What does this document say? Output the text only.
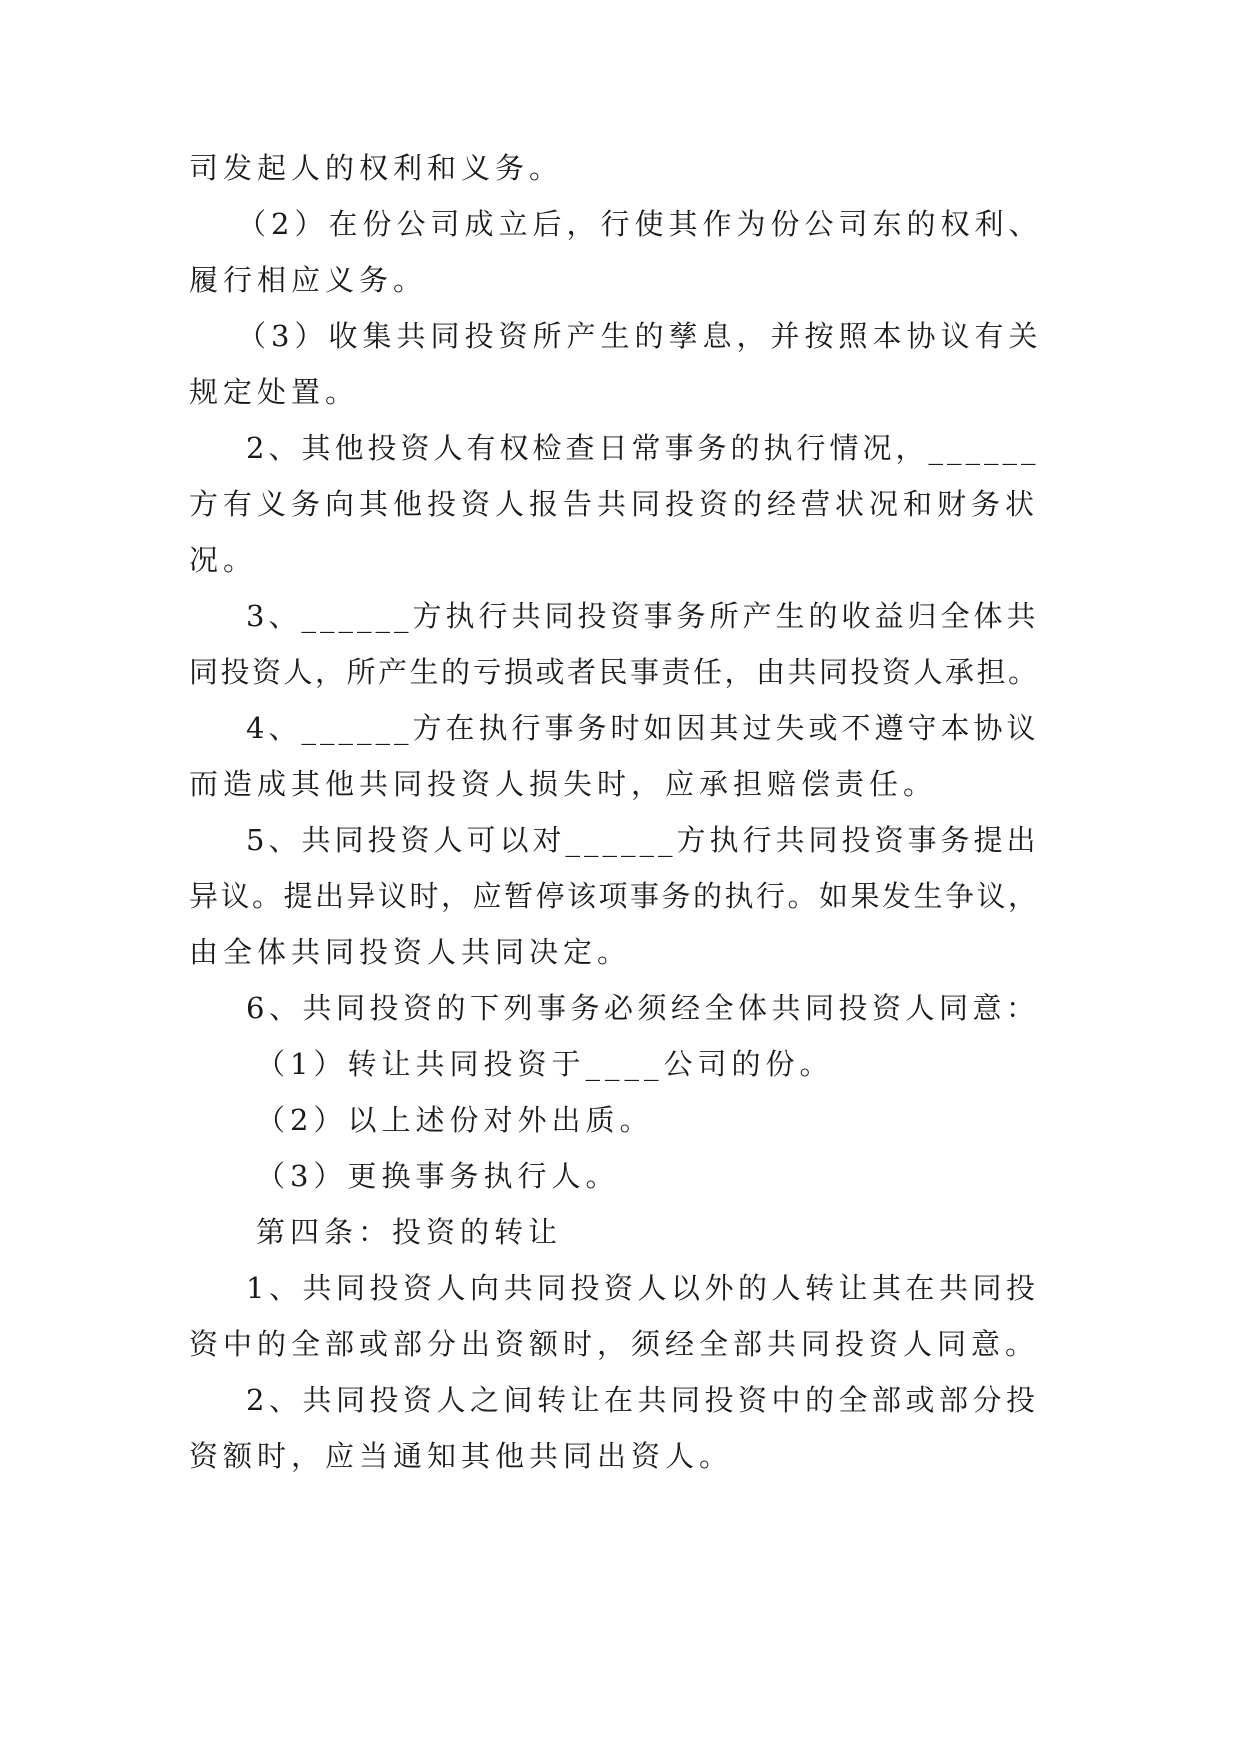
司发起人的权利和义务。
（2）在份公司成立后，行使其作为份公司东的权利、
履行相应义务。
（3）收集共同投资所产生的孳息，并按照本协议有关
规定处置。
2、其他投资人有权检查日常事务的执行情况，______
方有义务向其他投资人报告共同投资的经营状况和财务状
况。
3、______方执行共同投资事务所产生的收益归全体共
同投资人，所产生的亏损或者民事责任，由共同投资人承担。
4、______方在执行事务时如因其过失或不遵守本协议
而造成其他共同投资人损失时，应承担赔偿责任。
5、共同投资人可以对______方执行共同投资事务提出
异议。提出异议时，应暂停该项事务的执行。如果发生争议，
由全体共同投资人共同决定。
6、共同投资的下列事务必须经全体共同投资人同意：
（1）转让共同投资于____公司的份。
（2）以上述份对外出质。
（3）更换事务执行人。
第四条：投资的转让
1、共同投资人向共同投资人以外的人转让其在共同投
资中的全部或部分出资额时，须经全部共同投资人同意。
2、共同投资人之间转让在共同投资中的全部或部分投
资额时，应当通知其他共同出资人。
